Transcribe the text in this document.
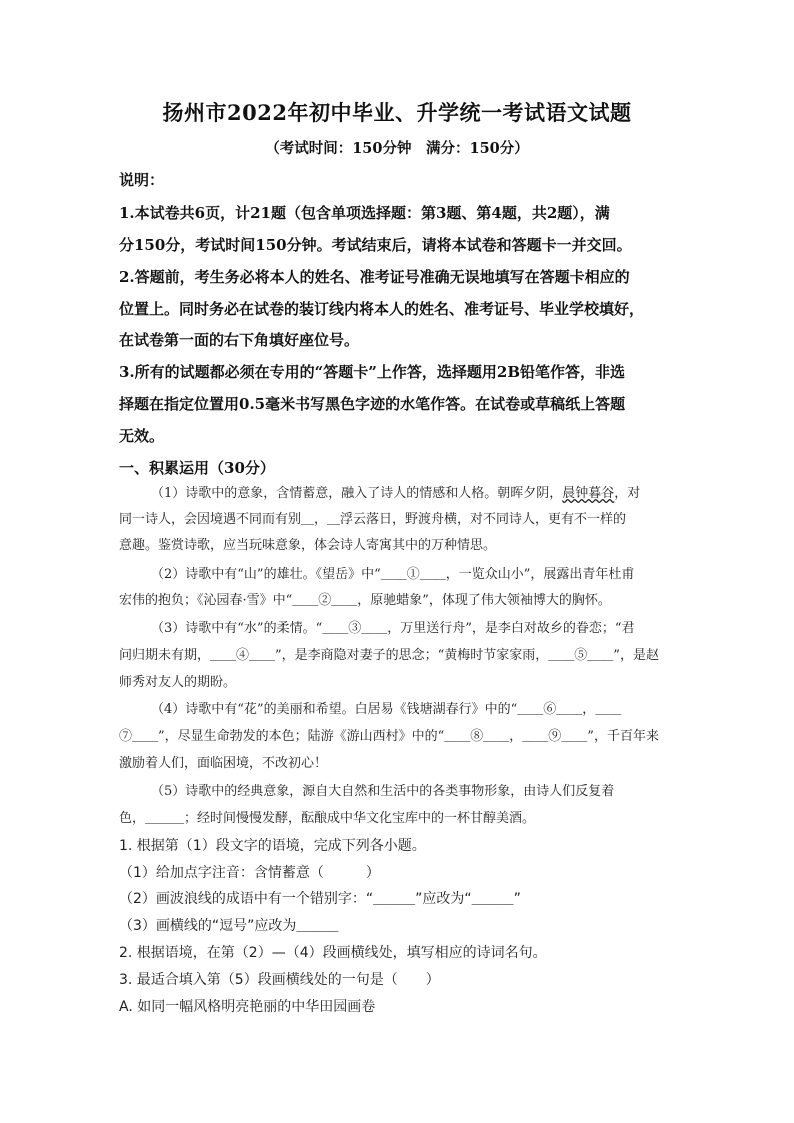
扬州市2022年初中毕业、升学统一考试语文试题
（考试时间：150分钟　满分：150分）
说明：
1.本试卷共6页，计21题（包含单项选择题：第3题、第4题，共2题），满
分150分，考试时间150分钟。考试结束后，请将本试卷和答题卡一并交回。
2.答题前，考生务必将本人的姓名、准考证号准确无误地填写在答题卡相应的
位置上。同时务必在试卷的装订线内将本人的姓名、准考证号、毕业学校填好，
在试卷第一面的右下角填好座位号。
3.所有的试题都必须在专用的“答题卡”上作答，选择题用2B铅笔作答，非选
择题在指定位置用0.5毫米书写黑色字迹的水笔作答。在试卷或草稿纸上答题
无效。
一、积累运用（30分）
（1）诗歌中的意象，含情蓄意，融入了诗人的情感和人格。朝晖夕阴，晨钟暮谷，对
同一诗人，会因境遇不同而有别＿，＿浮云落日，野渡舟横，对不同诗人，更有不一样的
意趣。鉴赏诗歌，应当玩味意象，体会诗人寄寓其中的万种情思。
（2）诗歌中有“山”的雄壮。《望岳》中“＿＿①＿＿，一览众山小”，展露出青年杜甫
宏伟的抱负；《沁园春·雪》中“＿＿②＿＿，原驰蜡象”，体现了伟大领袖博大的胸怀。
（3）诗歌中有“水”的柔情。“＿＿③＿＿，万里送行舟”，是李白对故乡的眷恋；“君
问归期未有期，＿＿④＿＿”，是李商隐对妻子的思念；“黄梅时节家家雨，＿＿⑤＿＿”，是赵
师秀对友人的期盼。
（4）诗歌中有“花”的美丽和希望。白居易《钱塘湖春行》中的“＿＿⑥＿＿，＿＿
⑦＿＿”，尽显生命勃发的本色；陆游《游山西村》中的“＿＿⑧＿＿，＿＿⑨＿＿”，千百年来
激励着人们，面临困境，不改初心！
（5）诗歌中的经典意象，源自大自然和生活中的各类事物形象，由诗人们反复着
色，＿＿＿；经时间慢慢发酵，酝酿成中华文化宝库中的一杯甘醇美酒。
1. 根据第（1）段文字的语境，完成下列各小题。
（1）给加点字注音：含情蓄意（　　　）
（2）画波浪线的成语中有一个错别字：“＿＿＿”应改为“＿＿＿”
（3）画横线的“逗号”应改为＿＿＿
2. 根据语境，在第（2）—（4）段画横线处，填写相应的诗词名句。
3. 最适合填入第（5）段画横线处的一句是（　　）
A. 如同一幅风格明亮艳丽的中华田园画卷
